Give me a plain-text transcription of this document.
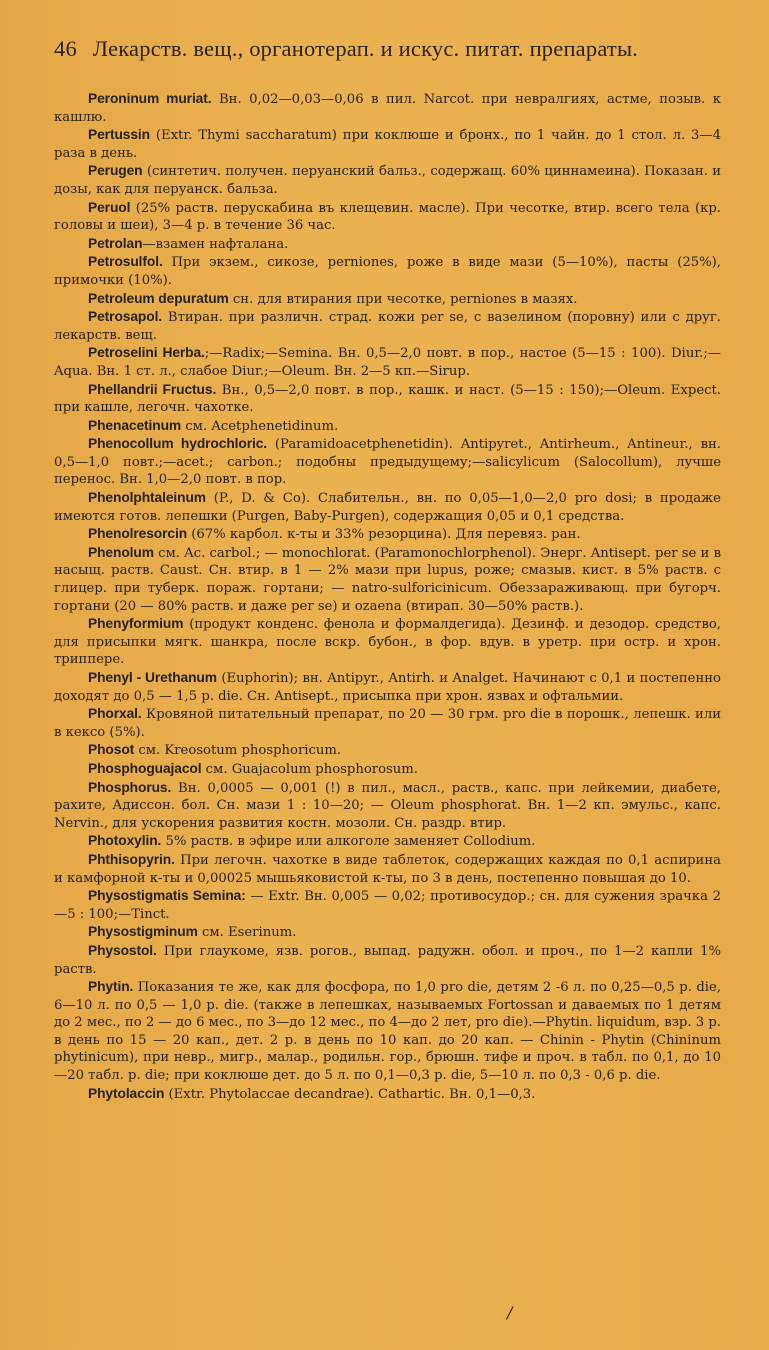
46 Лекарств. вещ., органотерап. и искус. питат. препараты.

Peroninum muriat. Вн. 0,02—0,03—0,06 в пил. Narcot. при невралгиях, астме, позыв. к кашлю.

Pertussin (Extr. Thymi saccharatum) при коклюше и бронх., по 1 чайн. до 1 стол. л. 3—4 раза в день.

Perugen (синтетич. получен. перуанский бальз., содержащ. 60% циннамеина). Показан. и дозы, как для перуанск. бальза.

Peruol (25% раств. перускабина въ клещевин. масле). При чесотке, втир. всего тела (кр. головы и шеи), 3—4 р. в течение 36 час.

Petrolan—взамен нафталана.

Petrosulfol. При экзем., сикозе, perniones, роже в виде мази (5—10%), пасты (25%), примочки (10%).

Petroleum depuratum сн. для втирания при чесотке, perniones в мазях.

Petrosapol. Втиран. при различн. страд. кожи per se, с вазелином (поровну) или с друг. лекарств. вещ.

Petroselini Herba.;—Radix;—Semina. Вн. 0,5—2,0 повт. в пор., настое (5—15 : 100). Diur.;—Aqua. Вн. 1 ст. л., слабое Diur.;—Oleum. Вн. 2—5 кп.—Sirup.

Phellandrii Fructus. Вн., 0,5—2,0 повт. в пор., кашк. и наст. (5—15 : 150);—Oleum. Expect. при кашле, легочн. чахотке.

Phenacetinum см. Acetphenetidinum.

Phenocollum hydrochloric. (Paramidoacetphenetidin). Antipyret., Antirheum., Antineur., вн. 0,5—1,0 повт.;—acet.; carbon.; подобны предыдущему;—salicylicum (Salocollum), лучше перенос. Вн. 1,0—2,0 повт. в пор.

Phenolphtaleinum (P., D. & Co). Слабительн., вн. по 0,05—1,0—2,0 pro dosi; в продаже имеются готов. лепешки (Purgen, Baby-Purgen), содержащия 0,05 и 0,1 средства.

Phenolresorcin (67% карбол. к-ты и 33% резорцина). Для перевяз. ран.

Phenolum см. Ac. carbol.; — monochlorat. (Paramonochlorphenol). Энерг. Antisept. per se и в насыщ. раств. Caust. Сн. втир. в 1 — 2% мази при lupus, роже; смазыв. кист. в 5% раств. с глицер. при туберк. пораж. гортани; — natro-sulforicinicum. Обеззараживающ. при бугорч. гортани (20 — 80% раств. и даже per se) и ozaena (втирап. 30—50% раств.).

Phenyformium (продукт конденс. фенола и формалдегида). Дезинф. и дезодор. средство, для присыпки мягк. шанкра, после вскр. бубон., в фор. вдув. в уретр. при остр. и хрон. триппере.

Phenyl - Urethanum (Euphorin); вн. Antipyr., Antirh. и Analget. Начинают с 0,1 и постепенно доходят до 0,5 — 1,5 р. die. Сн. Antisept., присыпка при хрон. язвах и офтальмии.

Phorxal. Кровяной питательный препарат, по 20 — 30 грм. pro die в порошк., лепешк. или в кексо (5%).

Phosot см. Kreosotum phosphoricum.

Phosphoguajacol см. Guajacolum phosphorosum.

Phosphorus. Вн. 0,0005 — 0,001 (!) в пил., масл., раств., капс. при лейкемии, диабете, рахите, Адиссон. бол. Сн. мази 1 : 10—20; — Oleum phosphorat. Вн. 1—2 кп. эмульс., капс. Nervin., для ускорения развития костн. мозоли. Сн. раздр. втир.

Photoxylin. 5% раств. в эфире или алкоголе заменяет Collodium.

Phthisopyrin. При легочн. чахотке в виде таблеток, содержащих каждая по 0,1 аспирина и камфорной к-ты и 0,00025 мышьяковистой к-ты, по 3 в день, постепенно повышая до 10.

Physostigmatis Semina: — Extr. Вн. 0,005 — 0,02; противосудор.; сн. для сужения зрачка 2—5 : 100;—Tinct.

Physostigminum см. Eserinum.

Physostol. При глаукоме, язв. рогов., выпад. радужн. обол. и проч., по 1—2 капли 1% раств.

Phytin. Показания те же, как для фосфора, по 1,0 pro die, детям 2 -6 л. по 0,25—0,5 р. die, 6—10 л. по 0,5 — 1,0 р. die. (также в лепешках, называемых Fortossan и даваемых по 1 детям до 2 мес., по 2 — до 6 мес., по 3—до 12 мес., по 4—до 2 лет, pro die).—Phytin. liquidum, взр. 3 р. в день по 15 — 20 кап., дет. 2 р. в день по 10 кап. до 20 кап. — Chinin - Phytin (Chininum phytinicum), при невр., мигр., малар., родильн. гор., брюшн. тифе и проч. в табл. по 0,1, до 10—20 табл. р. die; при коклюше дет. до 5 л. по 0,1—0,3 р. die, 5—10 л. по 0,3 - 0,6 р. die.

Phytolaccin (Extr. Phytolaccae decandrae). Cathartic. Вн. 0,1—0,3.

/
